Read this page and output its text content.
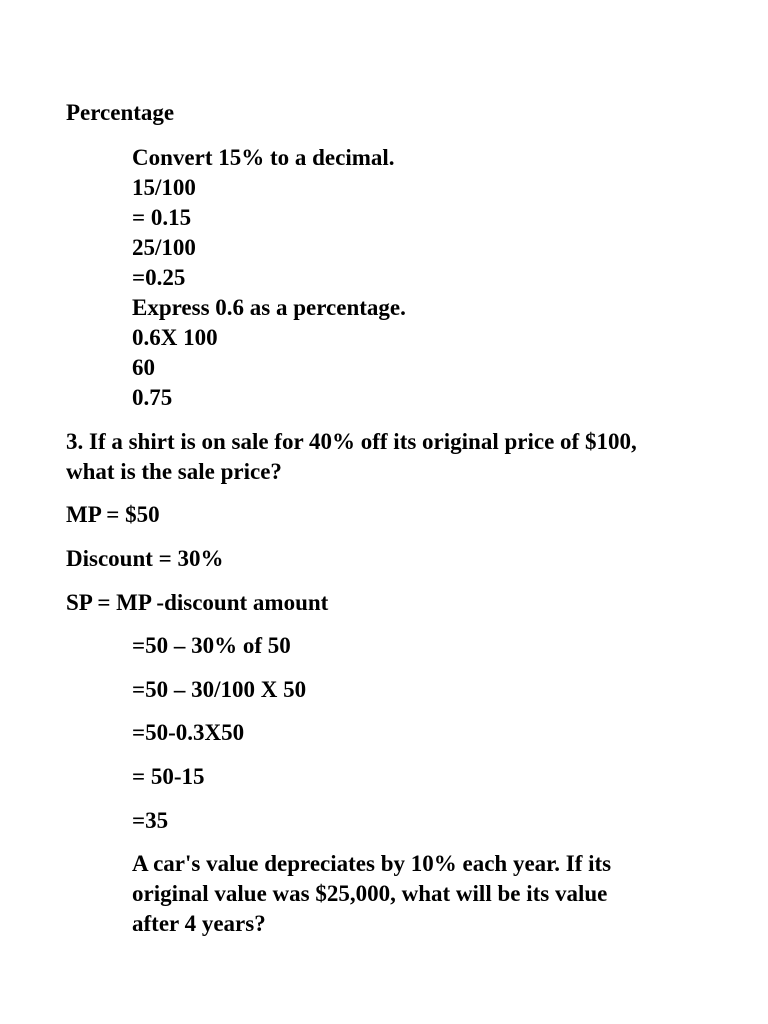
Percentage

Convert 15% to a decimal.

15/100

= 0.15

25/100

=0.25

Express 0.6 as a percentage.

0.6X 100

60

0.75

3. If a shirt is on sale for 40% off its original price of $100,

what is the sale price?

MP = $50

Discount = 30%

SP = MP -discount amount

=50 – 30% of 50

=50 – 30/100 X 50

=50-0.3X50

= 50-15

=35

A car's value depreciates by 10% each year. If its

original value was $25,000, what will be its value

after 4 years?
